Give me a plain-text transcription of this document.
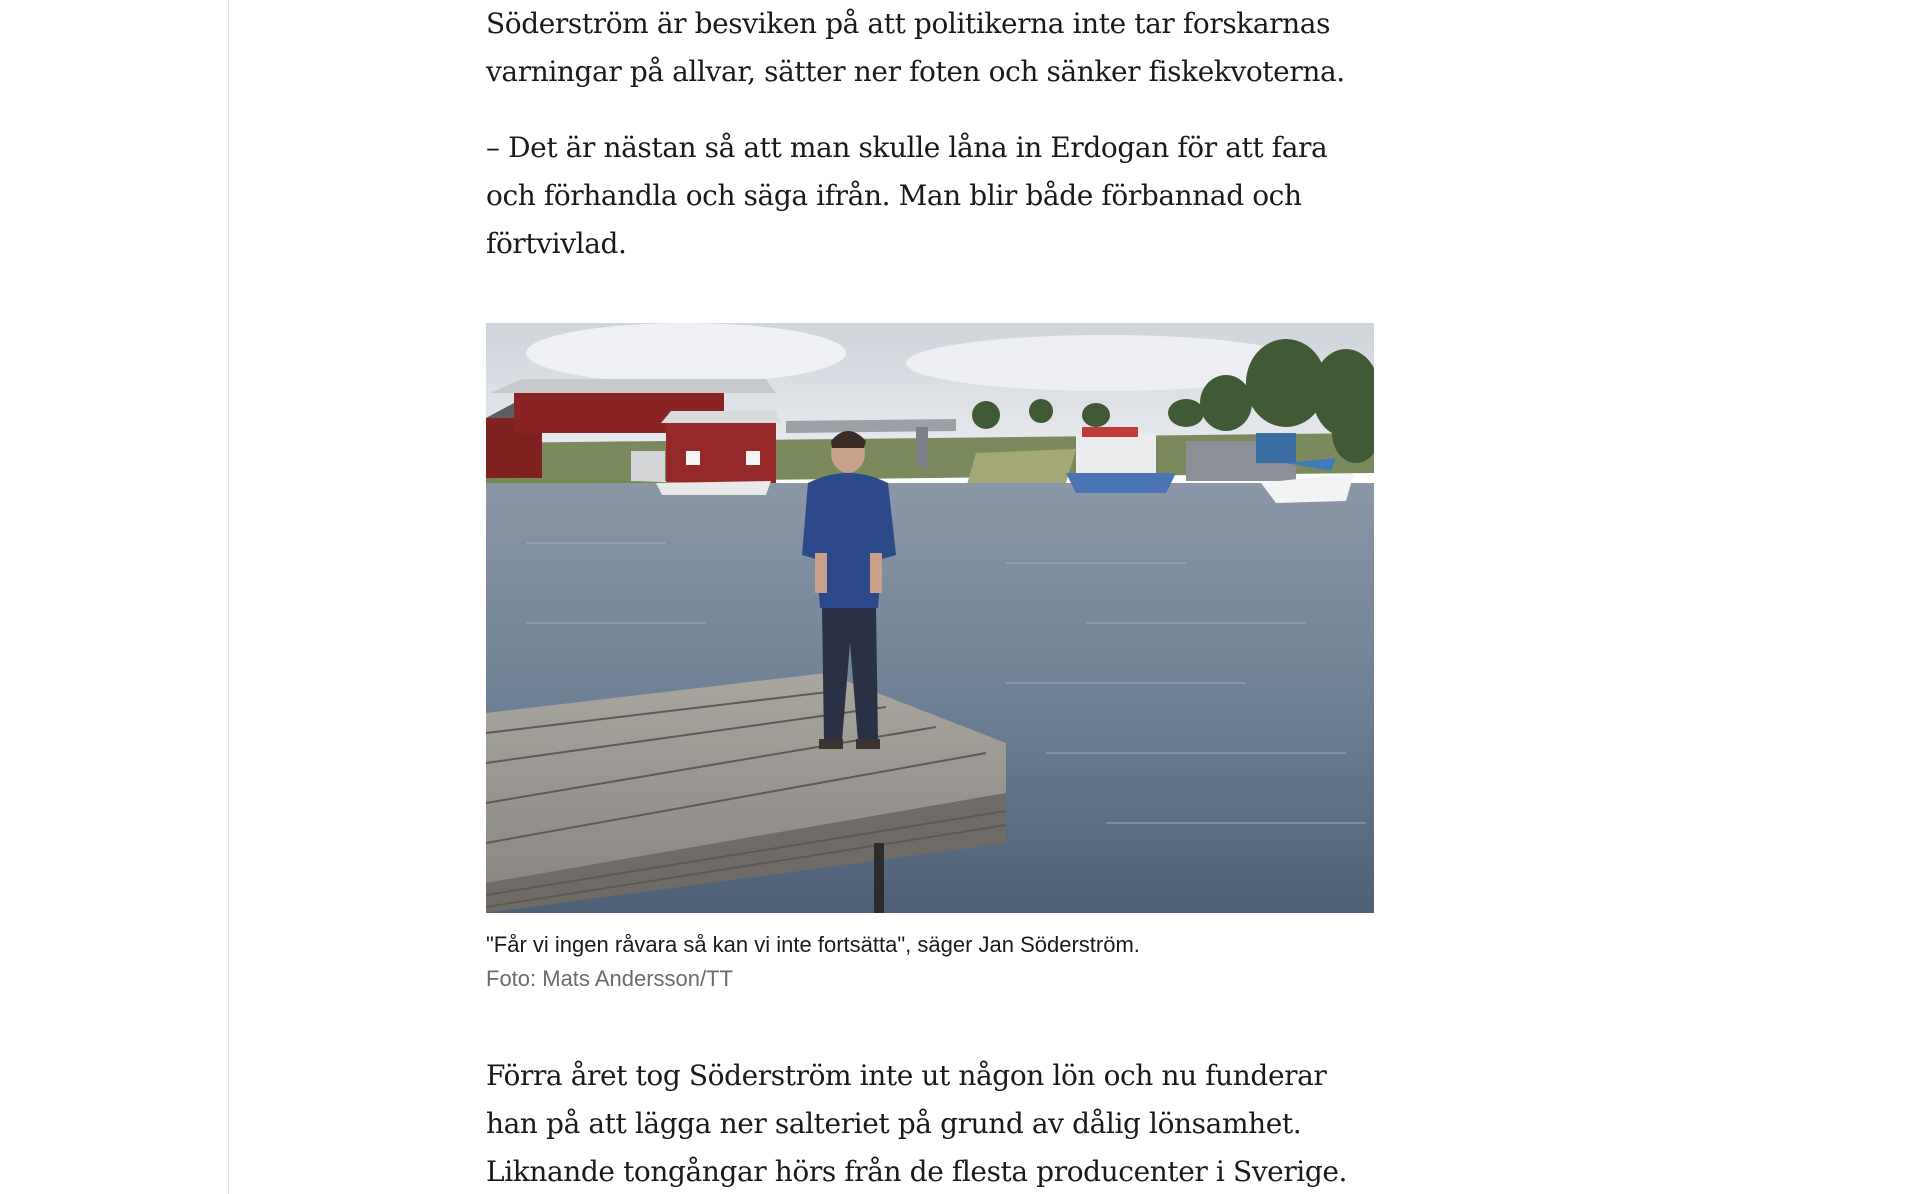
Söderström är besviken på att politikerna inte tar forskarnas
varningar på allvar, sätter ner foten och sänker fiskekvoterna.

– Det är nästan så att man skulle låna in Erdogan för att fara
och förhandla och säga ifrån. Man blir både förbannad och
förtvivlad.

Förra året tog Söderström inte ut någon lön och nu funderar
han på att lägga ner salteriet på grund av dålig lönsamhet.
Liknande tongångar hörs från de flesta producenter i Sverige.

"Får vi ingen råvara så kan vi inte fortsätta", säger Jan Söderström.
Foto: Mats Andersson/TT
